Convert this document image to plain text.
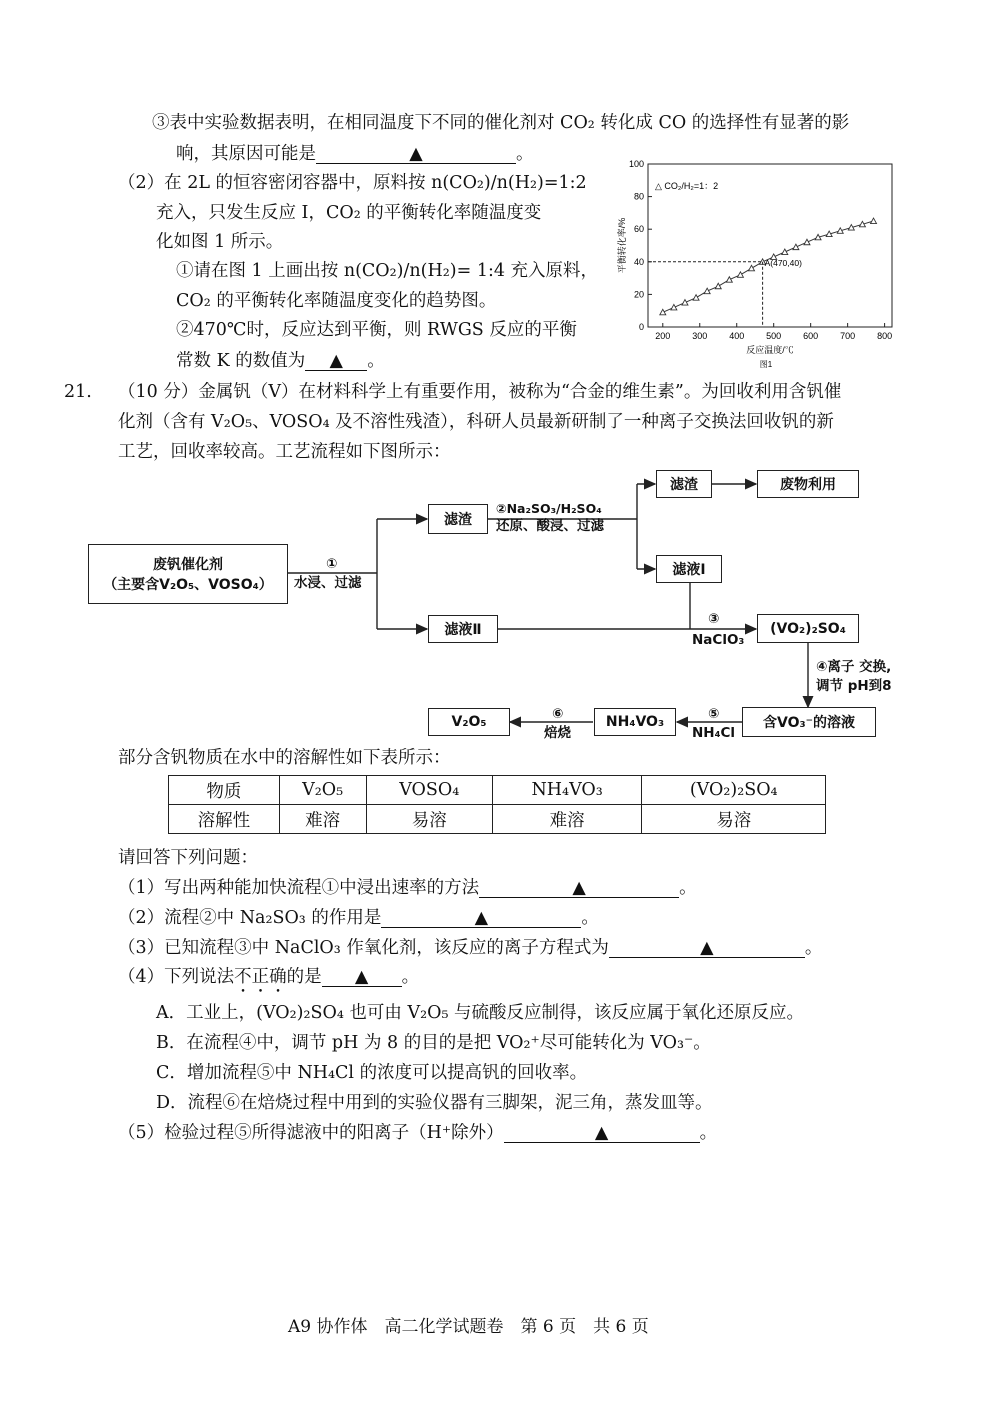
③表中实验数据表明，在相同温度下不同的催化剂对 CO₂ 转化成 CO 的选择性有显著的影
响，其原因可能是	▲	。
（2）在 2L 的恒容密闭容器中，原料按 n(CO₂)/n(H₂)=1:2
充入，只发生反应 I，CO₂ 的平衡转化率随温度变
化如图 1 所示。
①请在图 1 上画出按 n(CO₂)/n(H₂)= 1:4 充入原料，
CO₂ 的平衡转化率随温度变化的趋势图。
②470℃时，反应达到平衡，则 RWGS 反应的平衡
常数 K 的数值为 ▲ 。
200 300 400 500 600 700 800
0
20
40
60
80
100
反应温度/℃
平衡转化率/%
图1
△ CO₂/H₂=1：2
A(470,40)
21. （10 分）金属钒（V）在材料科学上有重要作用，被称为“合金的维生素”。为回收利用含钒催
化剂（含有 V₂O₅、VOSO₄ 及不溶性残渣），科研人员最新研制了一种离子交换法回收钒的新
工艺，回收率较高。工艺流程如下图所示：
废钒催化剂
（主要含V₂O₅、VOSO₄）
①
水浸、过滤
滤渣
②Na₂SO₃/H₂SO₄
还原、酸浸、过滤
滤渣	废物利用
滤液Ⅰ
滤液Ⅱ
③
NaClO₃
(VO₂)₂SO₄
④离子 交换,
调节 pH到8
含VO₃⁻的溶液
⑤
NH₄Cl
NH₄VO₃
⑥
焙烧
V₂O₅
部分含钒物质在水中的溶解性如下表所示：
物质	V₂O₅	VOSO₄	NH₄VO₃	(VO₂)₂SO₄
溶解性	难溶	易溶	难溶	易溶
请回答下列问题：
（1）写出两种能加快流程①中浸出速率的方法	▲	。
（2）流程②中 Na₂SO₃ 的作用是	▲	。
（3）已知流程③中 NaClO₃ 作氧化剂，该反应的离子方程式为	▲	。
（4）下列说法不正确的是 ▲ 。
A．工业上，(VO₂)₂SO₄ 也可由 V₂O₅ 与硫酸反应制得，该反应属于氧化还原反应。
B．在流程④中，调节 pH 为 8 的目的是把 VO₂⁺尽可能转化为 VO₃⁻。
C．增加流程⑤中 NH₄Cl 的浓度可以提高钒的回收率。
D．流程⑥在焙烧过程中用到的实验仪器有三脚架，泥三角，蒸发皿等。
（5）检验过程⑤所得滤液中的阳离子（H⁺除外）	▲	。
A9 协作体　高二化学试题卷　第 6 页　共 6 页
